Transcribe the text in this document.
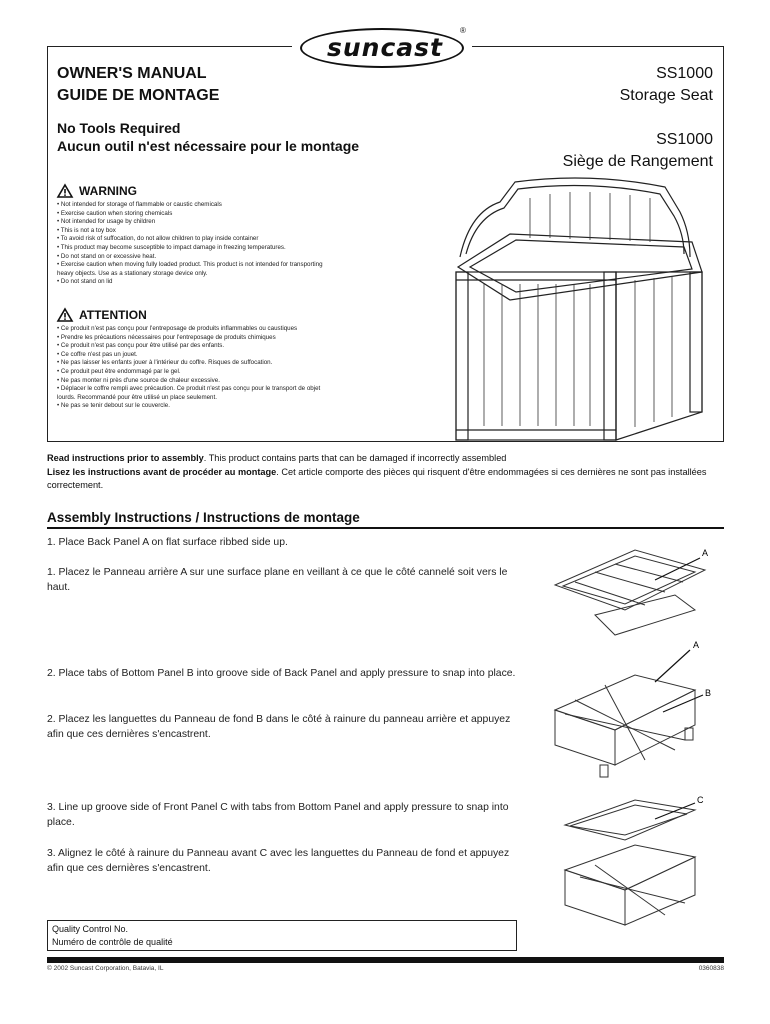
suncast
®
OWNER'S MANUAL
GUIDE DE MONTAGE
SS1000
Storage Seat
No Tools Required
Aucun outil n'est nécessaire pour le montage	SS1000
Siège de Rangement
WARNING
• Not intended for storage of flammable or caustic chemicals
• Exercise caution when storing chemicals
• Not intended for usage by children
• This is not a toy box
• To avoid risk of suffocation, do not allow children to play inside container
• This product may become susceptible to impact damage in freezing temperatures.
• Do not stand on or excessive heat.
• Exercise caution when moving fully loaded product. This product is not intended for transporting
heavy objects. Use as a stationary storage device only.
• Do not stand on lid
ATTENTION
• Ce produit n'est pas conçu pour l'entreposage de produits inflammables ou caustiques
• Prendre les précautions nécessaires pour l'entreposage de produits chimiques
• Ce produit n'est pas conçu pour être utilisé par des enfants.
• Ce coffre n'est pas un jouet.
• Ne pas laisser les enfants jouer à l'intérieur du coffre. Risques de suffocation.
• Ce produit peut être endommagé par le gel.
• Ne pas monter ni près d'une source de chaleur excessive.
• Déplacer le coffre rempli avec précaution. Ce produit n'est pas conçu pour le transport de objet
lourds. Recommandé pour être utilisé un place seulement.
• Ne pas se tenir debout sur le couvercle.
Read instructions prior to assembly. This product contains parts that can be damaged if incorrectly assembled
Lisez les instructions avant de procéder au montage. Cet article comporte des pièces qui risquent d'être endommagées si ces dernières ne sont pas installées correctement.
Assembly Instructions / Instructions de montage
1. Place Back Panel A on flat surface ribbed side up.
1. Placez le Panneau arrière A sur une surface plane en veillant à ce que le côté cannelé soit vers le haut.
2. Place tabs of Bottom Panel B into groove side of Back Panel and apply pressure to snap into place.
2. Placez les languettes du Panneau de fond B dans le côté à rainure du panneau arrière et appuyez afin que ces dernières s'encastrent.
3. Line up groove side of Front Panel C with tabs from Bottom Panel and apply pressure to snap into place.
3. Alignez le côté à rainure du Panneau avant C avec les languettes du Panneau de fond et appuyez afin que ces dernières s'encastrent.
A
A
B
C
Quality Control No.
Numéro de contrôle de qualité
© 2002 Suncast Corporation, Batavia, IL	0360838
